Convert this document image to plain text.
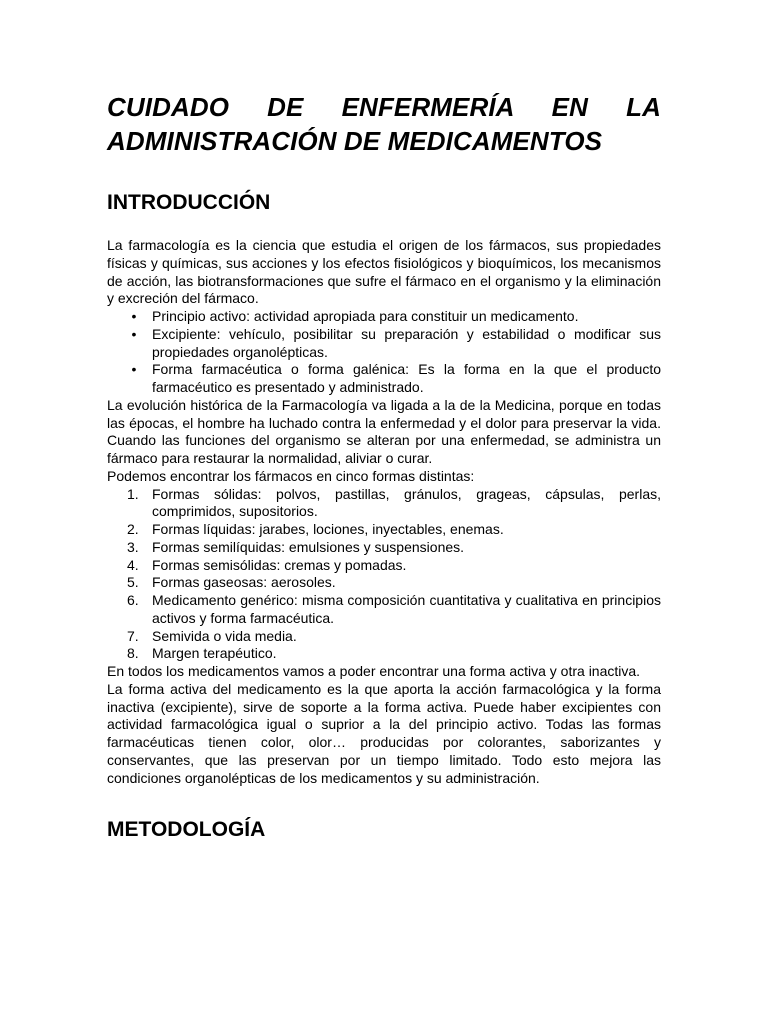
CUIDADO DE ENFERMERÍA EN LA ADMINISTRACIÓN DE MEDICAMENTOS
INTRODUCCIÓN

La farmacología es la ciencia que estudia el origen de los fármacos, sus propiedades físicas y químicas, sus acciones y los efectos fisiológicos y bioquímicos, los mecanismos de acción, las biotransformaciones que sufre el fármaco en el organismo y la eliminación y excreción del fármaco.

• Principio activo: actividad apropiada para constituir un medicamento.
• Excipiente: vehículo, posibilitar su preparación y estabilidad o modificar sus propiedades organolépticas.
• Forma farmacéutica o forma galénica: Es la forma en la que el producto farmacéutico es presentado y administrado.

La evolución histórica de la Farmacología va ligada a la de la Medicina, porque en todas las épocas, el hombre ha luchado contra la enfermedad y el dolor para preservar la vida. Cuando las funciones del organismo se alteran por una enfermedad, se administra un fármaco para restaurar la normalidad, aliviar o curar.

Podemos encontrar los fármacos en cinco formas distintas:

1. Formas sólidas: polvos, pastillas, gránulos, grageas, cápsulas, perlas, comprimidos, supositorios.
2. Formas líquidas: jarabes, lociones, inyectables, enemas.
3. Formas semilíquidas: emulsiones y suspensiones.
4. Formas semisólidas: cremas y pomadas.
5. Formas gaseosas: aerosoles.
6. Medicamento genérico: misma composición cuantitativa y cualitativa en principios activos y forma farmacéutica.
7. Semivida o vida media.
8. Margen terapéutico.

En todos los medicamentos vamos a poder encontrar una forma activa y otra inactiva.

La forma activa del medicamento es la que aporta la acción farmacológica y la forma inactiva (excipiente), sirve de soporte a la forma activa. Puede haber excipientes con actividad farmacológica igual o suprior a la del principio activo. Todas las formas farmacéuticas tienen color, olor… producidas por colorantes, saborizantes y conservantes, que las preservan por un tiempo limitado. Todo esto mejora las condiciones organolépticas de los medicamentos y su administración.

METODOLOGÍA
